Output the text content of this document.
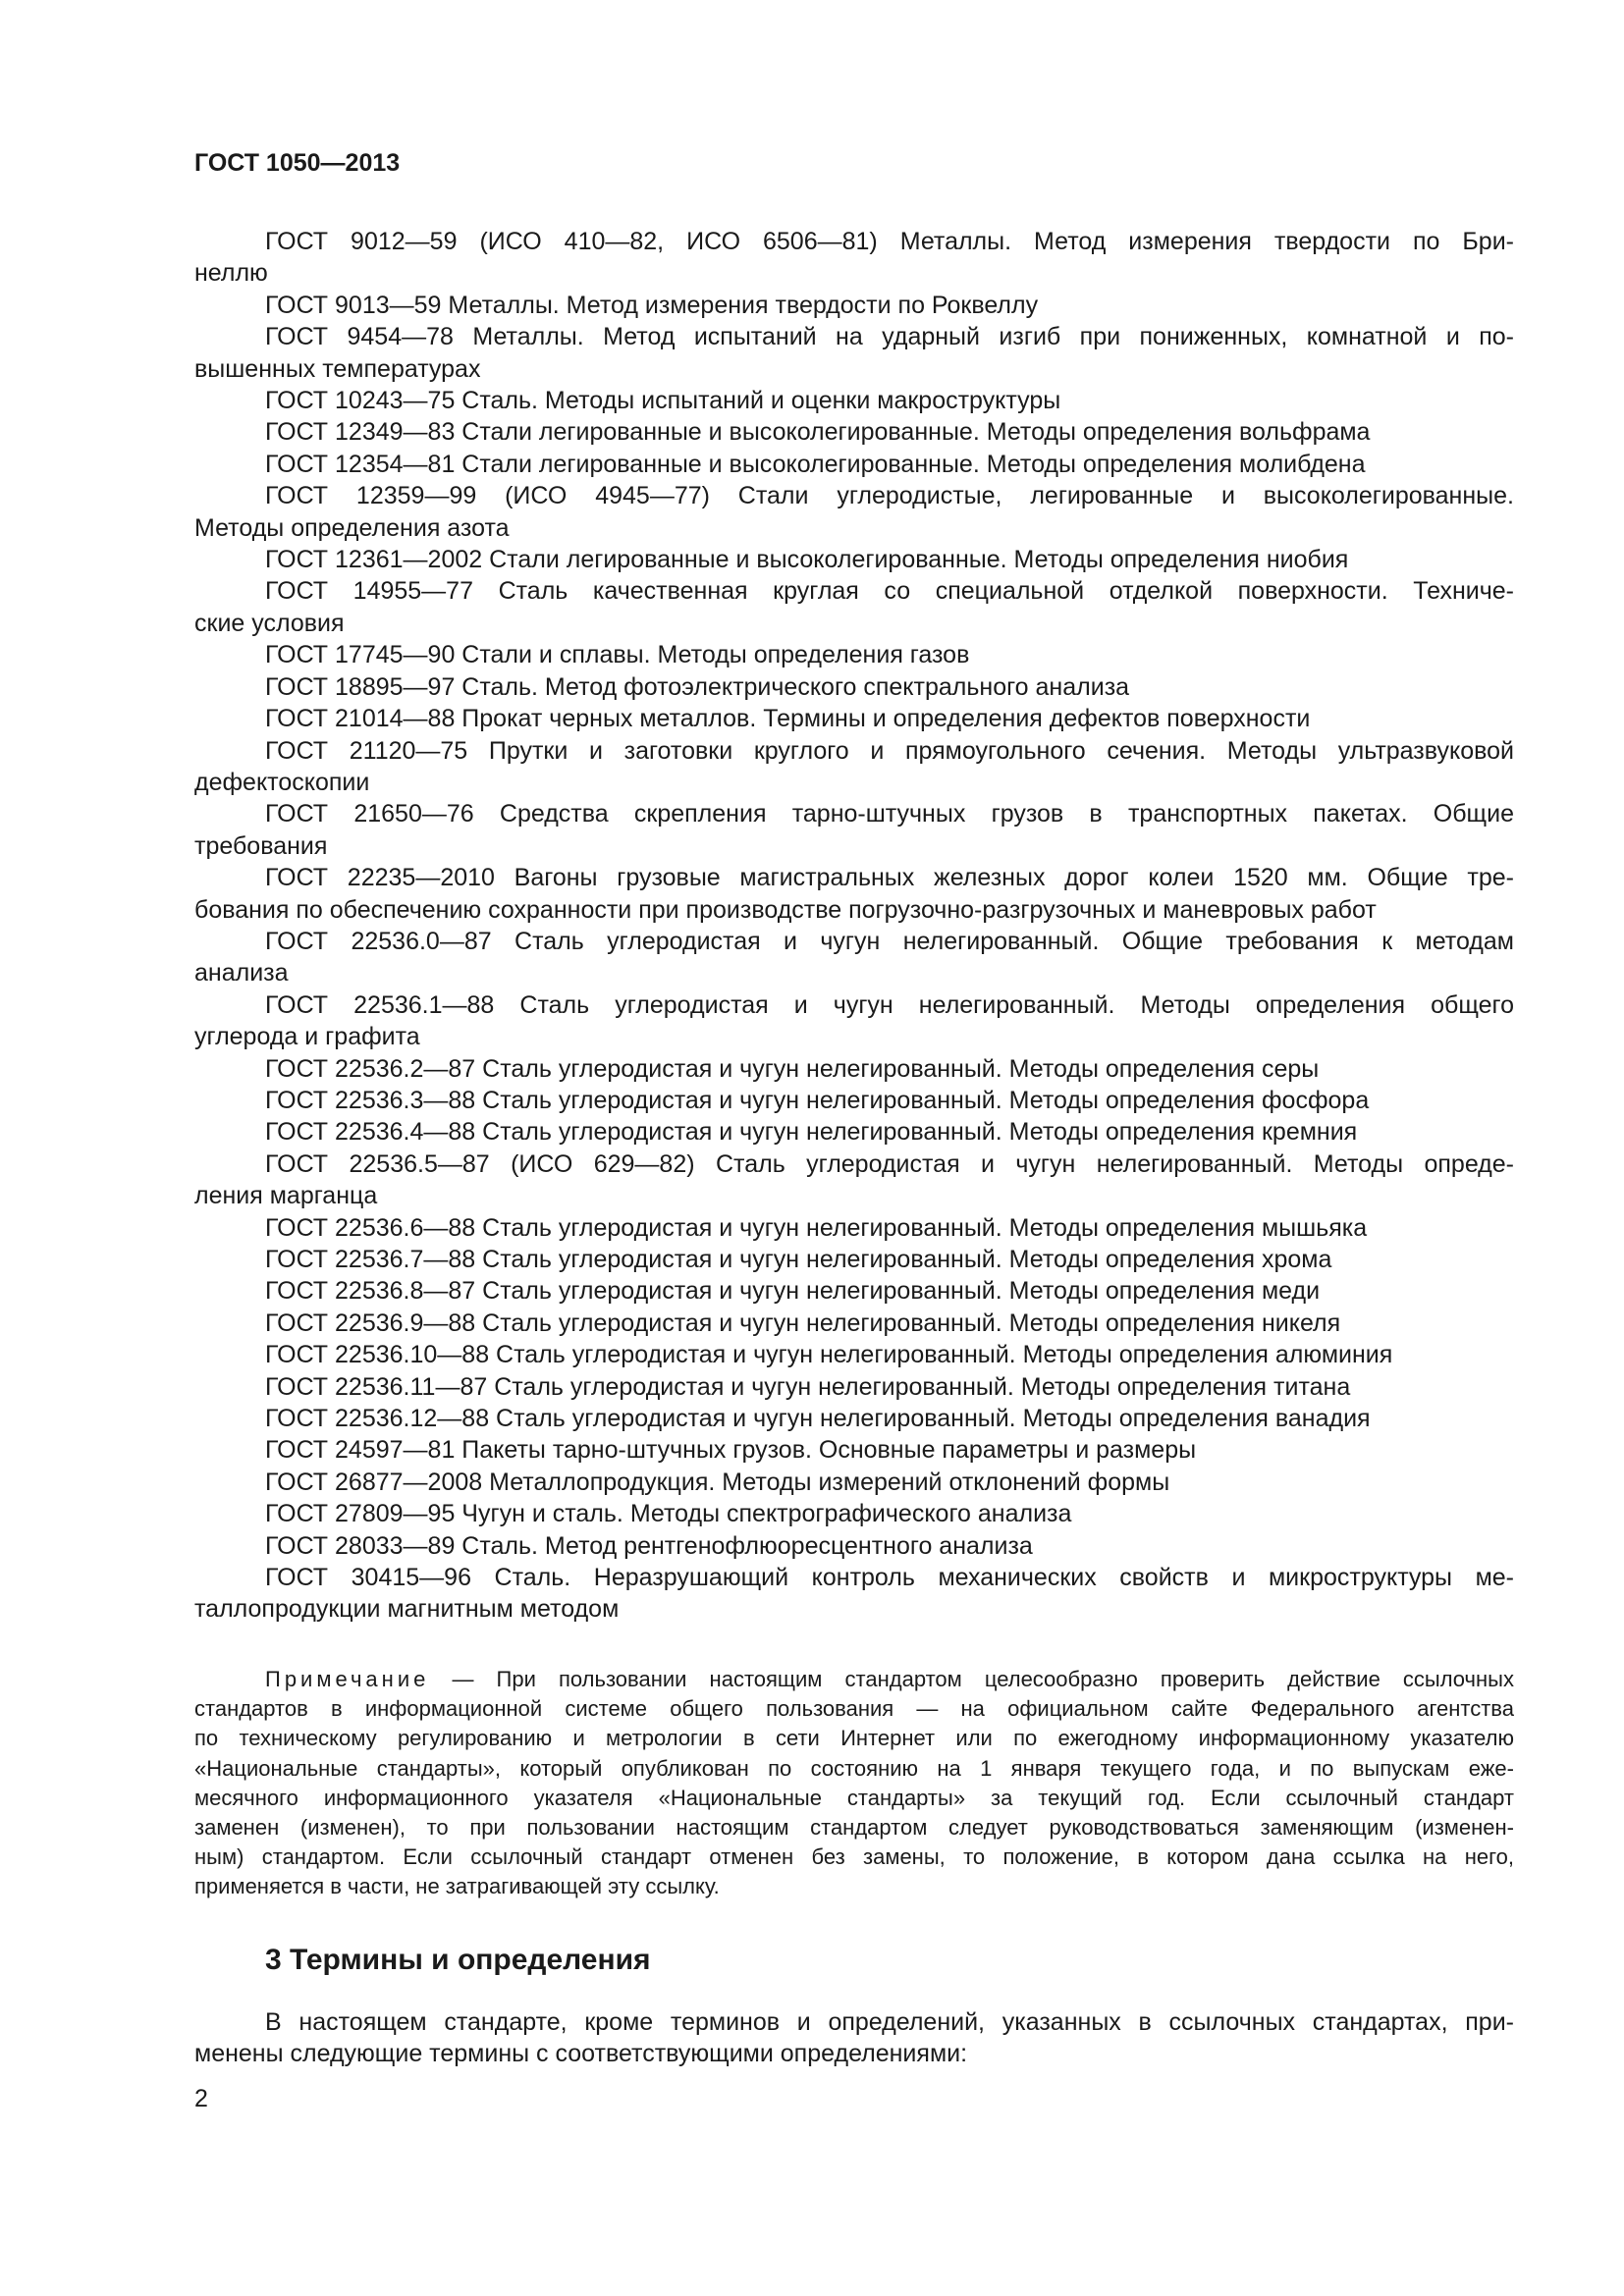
ГОСТ 1050—2013
ГОСТ 9012—59 (ИСО 410—82, ИСО 6506—81) Металлы. Метод измерения твердости по Бри-
неллю
ГОСТ 9013—59 Металлы. Метод измерения твердости по Роквеллу
ГОСТ 9454—78 Металлы. Метод испытаний на ударный изгиб при пониженных, комнатной и по-
вышенных температурах
ГОСТ 10243—75 Сталь. Методы испытаний и оценки макроструктуры
ГОСТ 12349—83 Стали легированные и высоколегированные. Методы определения вольфрама
ГОСТ 12354—81 Стали легированные и высоколегированные. Методы определения молибдена
ГОСТ 12359—99 (ИСО 4945—77) Стали углеродистые, легированные и высоколегированные.
Методы определения азота
ГОСТ 12361—2002 Стали легированные и высоколегированные. Методы определения ниобия
ГОСТ 14955—77 Сталь качественная круглая со специальной отделкой поверхности. Техниче-
ские условия
ГОСТ 17745—90 Стали и сплавы. Методы определения газов
ГОСТ 18895—97 Сталь. Метод фотоэлектрического спектрального анализа
ГОСТ 21014—88 Прокат черных металлов. Термины и определения дефектов поверхности
ГОСТ 21120—75 Прутки и заготовки круглого и прямоугольного сечения. Методы ультразвуковой
дефектоскопии
ГОСТ 21650—76 Средства скрепления тарно-штучных грузов в транспортных пакетах. Общие
требования
ГОСТ 22235—2010 Вагоны грузовые магистральных железных дорог колеи 1520 мм. Общие тре-
бования по обеспечению сохранности при производстве погрузочно-разгрузочных и маневровых работ
ГОСТ 22536.0—87 Сталь углеродистая и чугун нелегированный. Общие требования к методам
анализа
ГОСТ 22536.1—88 Сталь углеродистая и чугун нелегированный. Методы определения общего
углерода и графита
ГОСТ 22536.2—87 Сталь углеродистая и чугун нелегированный. Методы определения серы
ГОСТ 22536.3—88 Сталь углеродистая и чугун нелегированный. Методы определения фосфора
ГОСТ 22536.4—88 Сталь углеродистая и чугун нелегированный. Методы определения кремния
ГОСТ 22536.5—87 (ИСО 629—82) Сталь углеродистая и чугун нелегированный. Методы опреде-
ления марганца
ГОСТ 22536.6—88 Сталь углеродистая и чугун нелегированный. Методы определения мышьяка
ГОСТ 22536.7—88 Сталь углеродистая и чугун нелегированный. Методы определения хрома
ГОСТ 22536.8—87 Сталь углеродистая и чугун нелегированный. Методы определения меди
ГОСТ 22536.9—88 Сталь углеродистая и чугун нелегированный. Методы определения никеля
ГОСТ 22536.10—88 Сталь углеродистая и чугун нелегированный. Методы определения алюминия
ГОСТ 22536.11—87 Сталь углеродистая и чугун нелегированный. Методы определения титана
ГОСТ 22536.12—88 Сталь углеродистая и чугун нелегированный. Методы определения ванадия
ГОСТ 24597—81 Пакеты тарно-штучных грузов. Основные параметры и размеры
ГОСТ 26877—2008 Металлопродукция. Методы измерений отклонений формы
ГОСТ 27809—95 Чугун и сталь. Методы спектрографического анализа
ГОСТ 28033—89 Сталь. Метод рентгенофлюоресцентного анализа
ГОСТ 30415—96 Сталь. Неразрушающий контроль механических свойств и микроструктуры ме-
таллопродукции магнитным методом
Примечание — При пользовании настоящим стандартом целесообразно проверить действие ссылочных
стандартов в информационной системе общего пользования — на официальном сайте Федерального агентства
по техническому регулированию и метрологии в сети Интернет или по ежегодному информационному указателю
«Национальные стандарты», который опубликован по состоянию на 1 января текущего года, и по выпускам еже-
месячного информационного указателя «Национальные стандарты» за текущий год. Если ссылочный стандарт
заменен (изменен), то при пользовании настоящим стандартом следует руководствоваться заменяющим (изменен-
ным) стандартом. Если ссылочный стандарт отменен без замены, то положение, в котором дана ссылка на него,
применяется в части, не затрагивающей эту ссылку.
3 Термины и определения
В настоящем стандарте, кроме терминов и определений, указанных в ссылочных стандартах, при-
менены следующие термины с соответствующими определениями:
2
